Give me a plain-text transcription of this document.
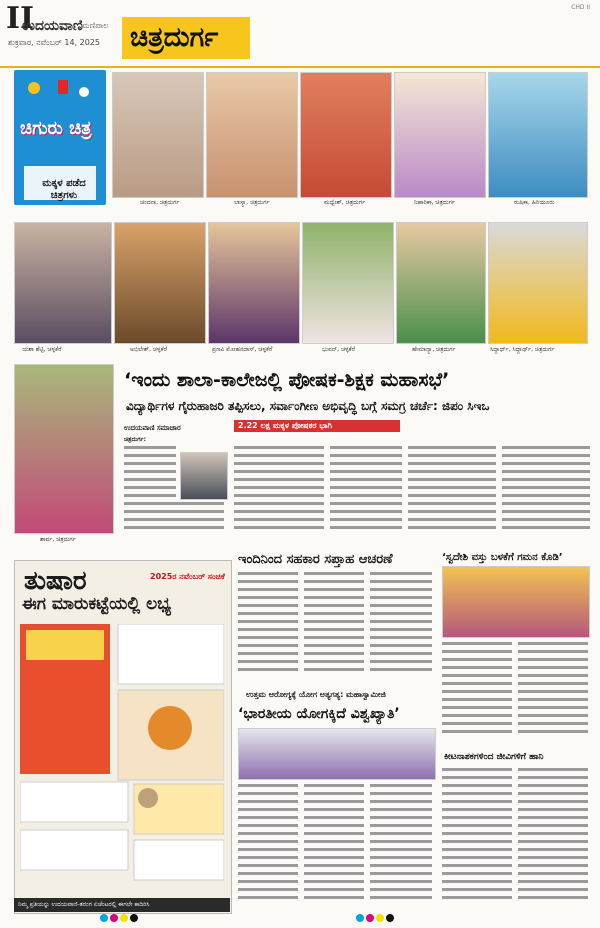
II
ಉದಯವಾಣಿ ಮಣಿಪಾಲ
ಶುಕ್ರವಾರ, ನವೆಂಬರ್ 14, 2025 ಚಿತ್ರದುರ್ಗ
CHD II
ಚಿಗುರು ಚಿತ್ರ
ಮಕ್ಕಳ ಪಡೆದ ಚಿತ್ರಗಳು
ಚಂದನಾ, ಚಿತ್ರದುರ್ಗ	ಲಾಸ್ಯಾ, ಚಿತ್ರದುರ್ಗ	ಮಧ್ವೇಶ್, ಚಿತ್ರದುರ್ಗ	ನಿಹಾರಿಕಾ, ಚಿತ್ರದುರ್ಗ	ರುಷಿಕಾ, ಹಿರಿಯೂರು
ಯಶಾ ಶೆಟ್ಟಿ, ಚಳ್ಳಕೆರೆ	ಅಭಿಲೇಶ್, ಚಳ್ಳಕೆರೆ	ಪ್ರಣವಿ ಮೋಹನದಾಸ್, ಚಳ್ಳಕೆರೆ	ಭುವನ್, ಚಳ್ಳಕೆರೆ	ಹೇಮಾನ್ಯಾ, ಚಿತ್ರದುರ್ಗ	ಸಿದ್ದಾರ್ಥ್, ಸಿದ್ದಾರ್ಥ್, ಚಿತ್ರದುರ್ಗ
ಶಾರ್ವ, ಚಿತ್ರದುರ್ಗ
‘ಇಂದು ಶಾಲಾ-ಕಾಲೇಜಲ್ಲಿ ಪೋಷಕ-ಶಿಕ್ಷಕ ಮಹಾಸಭೆ’
ವಿದ್ಯಾರ್ಥಿಗಳ ಗೈರುಹಾಜರಿ ತಪ್ಪಿಸಲು, ಸರ್ವಾಂಗೀಣ ಅಭಿವೃದ್ಧಿ ಬಗ್ಗೆ ಸಮಗ್ರ ಚರ್ಚೆ: ಜಿಪಂ ಸಿಇಒ
ಉದಯವಾಣಿ ಸಮಾಚಾರ	2.22 ಲಕ್ಷ ಮಕ್ಕಳ ಪೋಷಕರ ಭಾಗಿ
ಚಿತ್ರದುರ್ಗ:
ತುಷಾರ	2025ರ ನವೆಂಬರ್ ಸಂಚಿಕೆ
ಈಗ ಮಾರುಕಟ್ಟೆಯಲ್ಲಿ ಲಭ್ಯ
ನಿಮ್ಮ ಪ್ರತಿಯನ್ನು ಉದಯವಾಣಿ-ತರಂಗ ಏಜೆಂಟರಲ್ಲಿ ಈಗಲೇ ಕಾದಿರಿಸಿ
ಇಂದಿನಿಂದ ಸಹಕಾರ ಸಪ್ತಾಹ ಆಚರಣೆ	‘ಸ್ವದೇಶಿ ವಸ್ತು ಬಳಕೆಗೆ ಗಮನ ಕೊಡಿ’
ಉತ್ತಮ ಆರೋಗ್ಯಕ್ಕೆ ಯೋಗ ಅತ್ಯಗತ್ಯ: ಮಹಾಸ್ವಾಮೀಜಿ
‘ಭಾರತೀಯ ಯೋಗಕ್ಕಿದೆ ವಿಶ್ವಖ್ಯಾತಿ’
ಕೀಟನಾಶಕಗಳಿಂದ ಜೀವಿಗಳಿಗೆ ಹಾನಿ
